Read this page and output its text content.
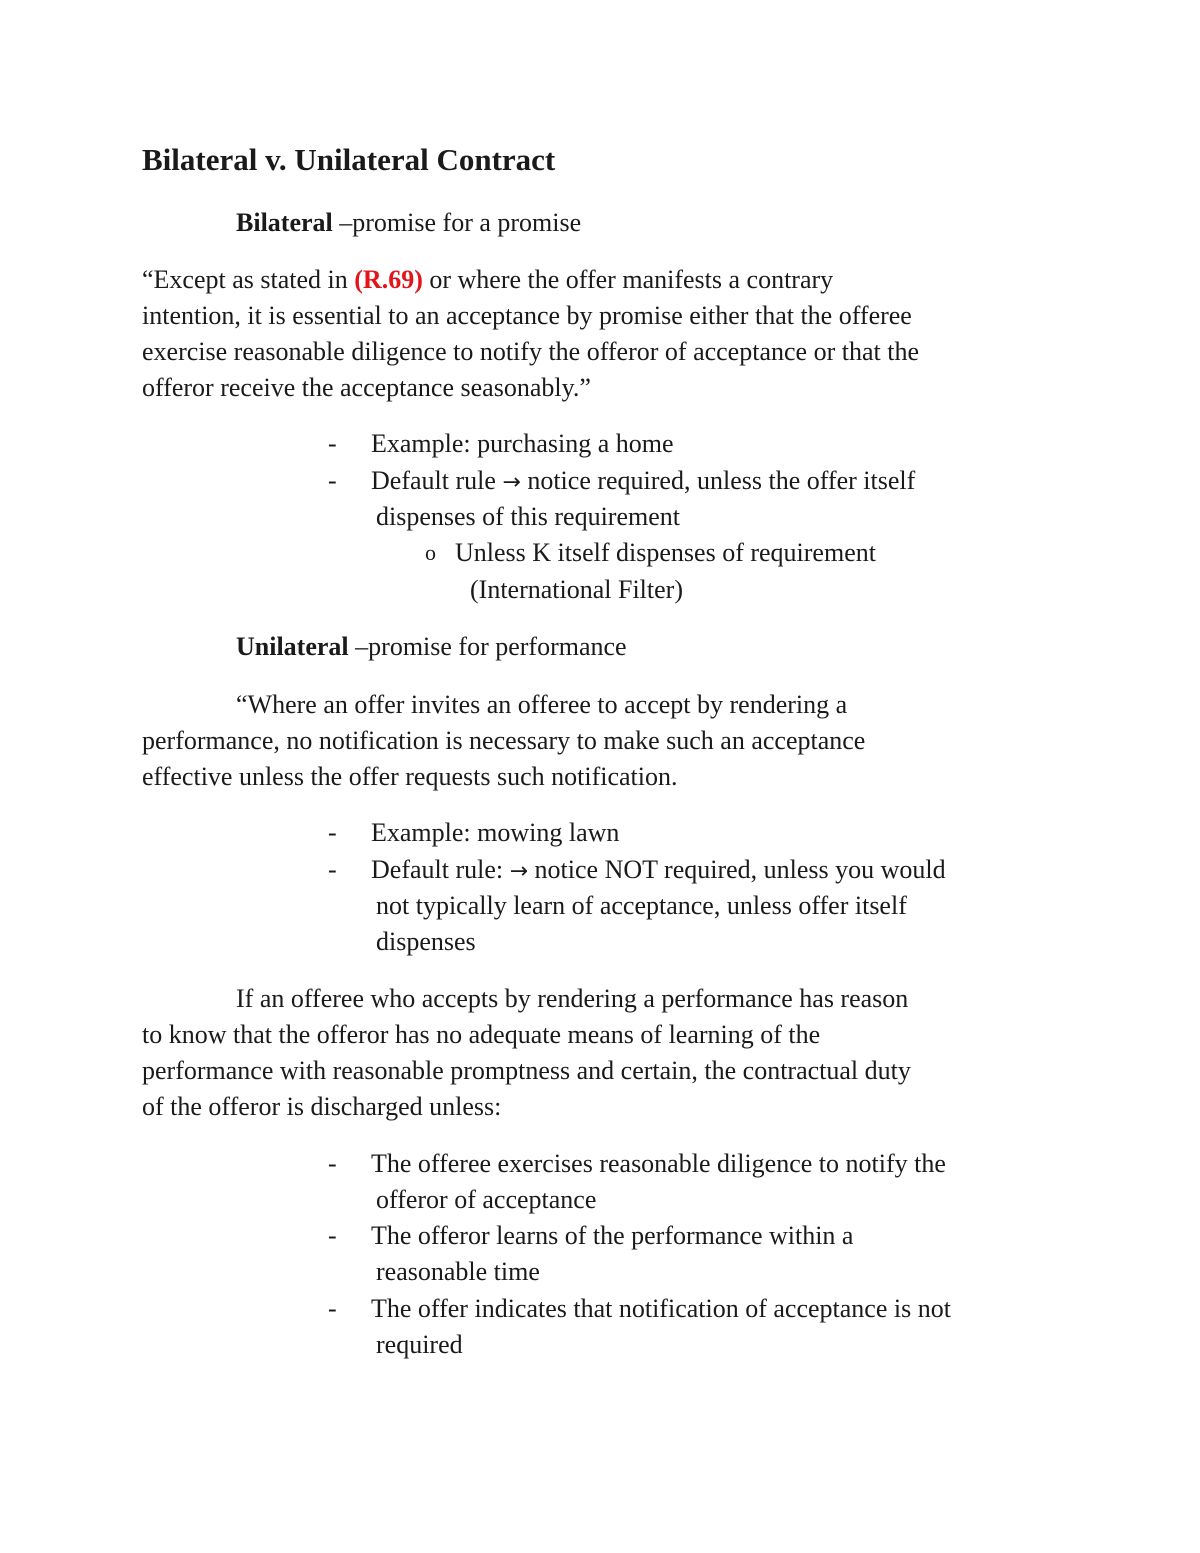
Bilateral v. Unilateral Contract
Bilateral –promise for a promise
“Except as stated in (R.69) or where the offer manifests a contrary
intention, it is essential to an acceptance by promise either that the offeree
exercise reasonable diligence to notify the offeror of acceptance or that the
offeror receive the acceptance seasonably.”
-	Example: purchasing a home
-	Default rule → notice required, unless the offer itself
dispenses of this requirement
o Unless K itself dispenses of requirement
(International Filter)
Unilateral –promise for performance
“Where an offer invites an offeree to accept by rendering a
performance, no notification is necessary to make such an acceptance
effective unless the offer requests such notification.
-	Example: mowing lawn
-	Default rule: → notice NOT required, unless you would
not typically learn of acceptance, unless offer itself
dispenses
If an offeree who accepts by rendering a performance has reason
to know that the offeror has no adequate means of learning of the
performance with reasonable promptness and certain, the contractual duty
of the offeror is discharged unless:
-	The offeree exercises reasonable diligence to notify the
offeror of acceptance
-	The offeror learns of the performance within a
reasonable time
-	The offer indicates that notification of acceptance is not
required
